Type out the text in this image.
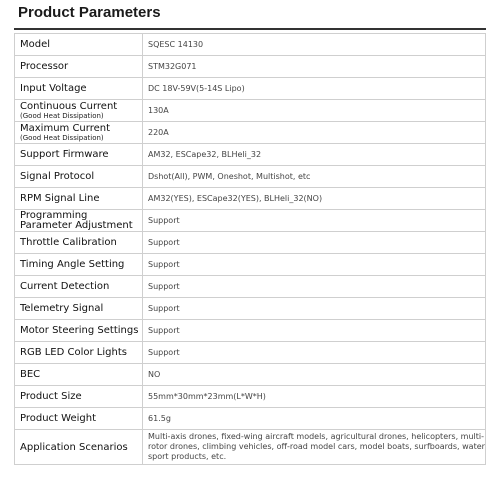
Product Parameters
Model	SQESC 14130
Processor	STM32G071
Input Voltage	DC 18V-59V(5-14S Lipo)

Continuous Current
(Good Heat Dissipation)	130A

Maximum Current
(Good Heat Dissipation)	220A
Support Firmware	AM32, ESCape32, BLHeli_32
Signal Protocol	Dshot(All), PWM, Oneshot, Multishot, etc
RPM Signal Line	AM32(YES), ESCape32(YES), BLHeli_32(NO)

Programming
Parameter Adjustment	Support
Throttle Calibration	Support
Timing Angle Setting	Support
Current Detection	Support
Telemetry Signal	Support
Motor Steering Settings	Support
RGB LED Color Lights	Support
BEC	NO
Product Size	55mm*30mm*23mm(L*W*H)
Product Weight	61.5g
Application Scenarios	Multi-axis drones, fixed-wing aircraft models, agricultural drones, helicopters, multi-rotor drones, climbing vehicles, off-road model cars, model boats, surfboards, water sport products, etc.
